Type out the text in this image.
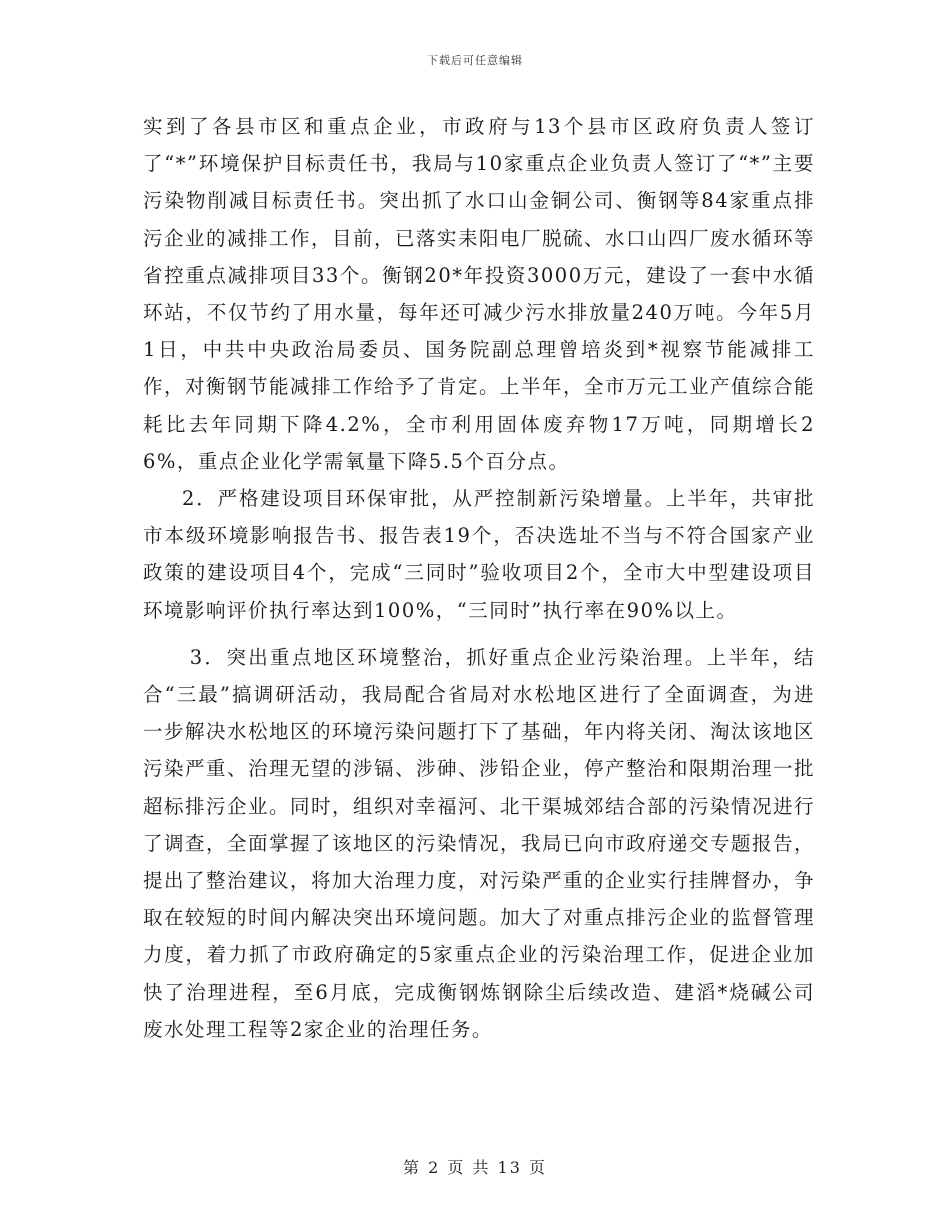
下载后可任意编辑

实到了各县市区和重点企业，市政府与13个县市区政府负责人签订了“*”环境保护目标责任书，我局与10家重点企业负责人签订了“*”主要污染物削减目标责任书。突出抓了水口山金铜公司、衡钢等84家重点排污企业的减排工作，目前，已落实耒阳电厂脱硫、水口山四厂废水循环等省控重点减排项目33个。衡钢20*年投资3000万元，建设了一套中水循环站，不仅节约了用水量，每年还可减少污水排放量240万吨。今年5月1日，中共中央政治局委员、国务院副总理曾培炎到*视察节能减排工作，对衡钢节能减排工作给予了肯定。上半年，全市万元工业产值综合能耗比去年同期下降4.2%，全市利用固体废弃物17万吨，同期增长26%，重点企业化学需氧量下降5.5个百分点。

2．严格建设项目环保审批，从严控制新污染增量。上半年，共审批市本级环境影响报告书、报告表19个，否决选址不当与不符合国家产业政策的建设项目4个，完成“三同时”验收项目2个，全市大中型建设项目环境影响评价执行率达到100%，“三同时”执行率在90%以上。

3．突出重点地区环境整治，抓好重点企业污染治理。上半年，结合“三最”搞调研活动，我局配合省局对水松地区进行了全面调查，为进一步解决水松地区的环境污染问题打下了基础，年内将关闭、淘汰该地区污染严重、治理无望的涉镉、涉砷、涉铅企业，停产整治和限期治理一批超标排污企业。同时，组织对幸福河、北干渠城郊结合部的污染情况进行了调查，全面掌握了该地区的污染情况，我局已向市政府递交专题报告，提出了整治建议，将加大治理力度，对污染严重的企业实行挂牌督办，争取在较短的时间内解决突出环境问题。加大了对重点排污企业的监督管理力度，着力抓了市政府确定的5家重点企业的污染治理工作，促进企业加快了治理进程，至6月底，完成衡钢炼钢除尘后续改造、建滔*烧碱公司废水处理工程等2家企业的治理任务。

第 2 页 共 13 页
